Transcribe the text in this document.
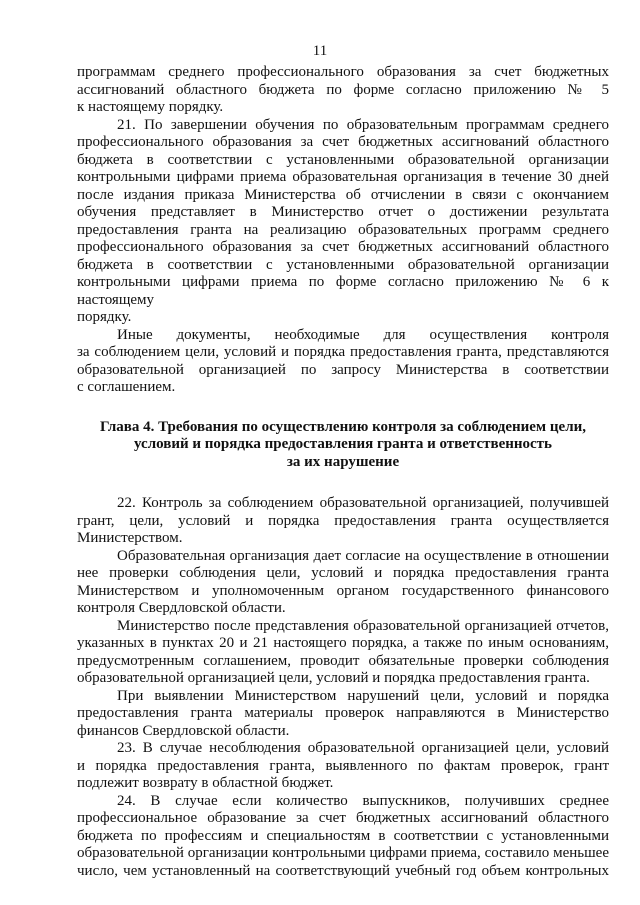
11

программам среднего профессионального образования за счет бюджетных

ассигнований областного бюджета по форме согласно приложению № 5

к настоящему порядку.

21. По завершении обучения по образовательным программам среднего

профессионального образования за счет бюджетных ассигнований областного

бюджета в соответствии с установленными образовательной организации

контрольными цифрами приема образовательная организация в течение 30 дней

после издания приказа Министерства об отчислении в связи с окончанием

обучения представляет в Министерство отчет о достижении результата

предоставления гранта на реализацию образовательных программ среднего

профессионального образования за счет бюджетных ассигнований областного

бюджета в соответствии с установленными образовательной организации

контрольными цифрами приема по форме согласно приложению № 6 к настоящему

порядку.

Иные документы, необходимые для осуществления контроля

за соблюдением цели, условий и порядка предоставления гранта, представляются

образовательной организацией по запросу Министерства в соответствии

с соглашением.

Глава 4. Требования по осуществлению контроля за соблюдением цели,
условий и порядка предоставления гранта и ответственность
за их нарушение

22. Контроль за соблюдением образовательной организацией, получившей

грант, цели, условий и порядка предоставления гранта осуществляется

Министерством.

Образовательная организация дает согласие на осуществление в отношении

нее проверки соблюдения цели, условий и порядка предоставления гранта

Министерством и уполномоченным органом государственного финансового

контроля Свердловской области.

Министерство после представления образовательной организацией отчетов,

указанных в пунктах 20 и 21 настоящего порядка, а также по иным основаниям,

предусмотренным соглашением, проводит обязательные проверки соблюдения

образовательной организацией цели, условий и порядка предоставления гранта.

При выявлении Министерством нарушений цели, условий и порядка

предоставления гранта материалы проверок направляются в Министерство

финансов Свердловской области.

23. В случае несоблюдения образовательной организацией цели, условий

и порядка предоставления гранта, выявленного по фактам проверок, грант

подлежит возврату в областной бюджет.

24. В случае если количество выпускников, получивших среднее

профессиональное образование за счет бюджетных ассигнований областного

бюджета по профессиям и специальностям в соответствии с установленными

образовательной организации контрольными цифрами приема, составило меньшее

число, чем установленный на соответствующий учебный год объем контрольных
